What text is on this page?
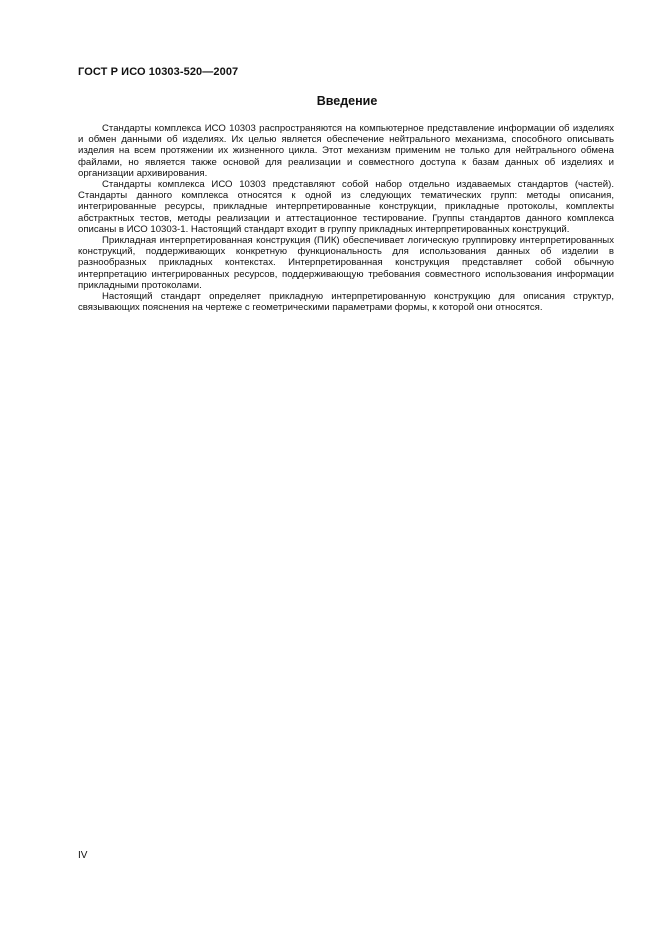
ГОСТ Р ИСО 10303-520—2007
Введение

Стандарты комплекса ИСО 10303 распространяются на компьютерное представление информации об изделиях и обмен данными об изделиях. Их целью является обеспечение нейтрального механизма, способного описывать изделия на всем протяжении их жизненного цикла. Этот механизм применим не только для нейтрального обмена файлами, но является также основой для реализации и совместного доступа к базам данных об изделиях и организации архивирования.

Стандарты комплекса ИСО 10303 представляют собой набор отдельно издаваемых стандартов (частей). Стандарты данного комплекса относятся к одной из следующих тематических групп: методы описания, интегрированные ресурсы, прикладные интерпретированные конструкции, прикладные протоколы, комплекты абстрактных тестов, методы реализации и аттестационное тестирование. Группы стандартов данного комплекса описаны в ИСО 10303-1. Настоящий стандарт входит в группу прикладных интерпретированных конструкций.

Прикладная интерпретированная конструкция (ПИК) обеспечивает логическую группировку интерпретированных конструкций, поддерживающих конкретную функциональность для использования данных об изделии в разнообразных прикладных контекстах. Интерпретированная конструкция представляет собой обычную интерпретацию интегрированных ресурсов, поддерживающую требования совместного использования информации прикладными протоколами.

Настоящий стандарт определяет прикладную интерпретированную конструкцию для описания структур, связывающих пояснения на чертеже с геометрическими параметрами формы, к которой они относятся.

IV
